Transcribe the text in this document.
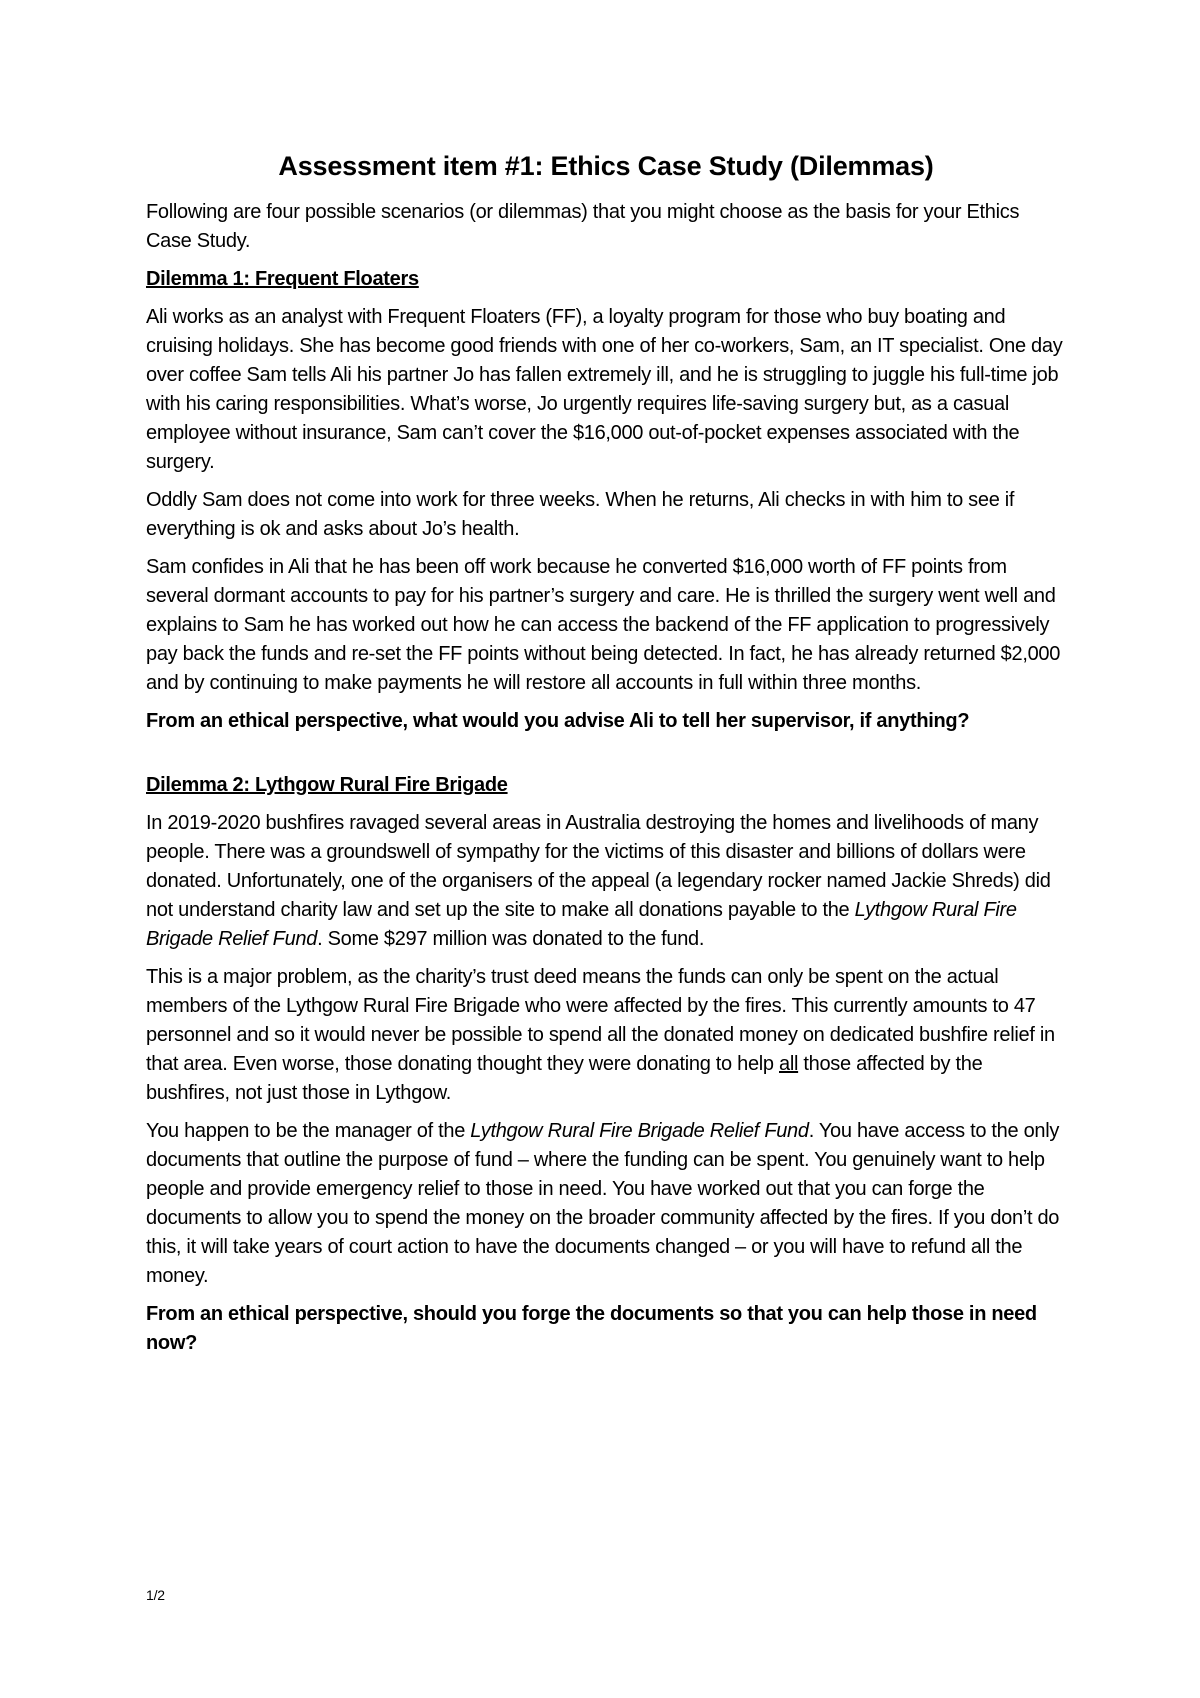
Assessment item #1: Ethics Case Study (Dilemmas)

Following are four possible scenarios (or dilemmas) that you might choose as the basis for your Ethics Case Study.

Dilemma 1: Frequent Floaters

Ali works as an analyst with Frequent Floaters (FF), a loyalty program for those who buy boating and cruising holidays. She has become good friends with one of her co-workers, Sam, an IT specialist. One day over coffee Sam tells Ali his partner Jo has fallen extremely ill, and he is struggling to juggle his full-time job with his caring responsibilities. What’s worse, Jo urgently requires life-saving surgery but, as a casual employee without insurance, Sam can’t cover the $16,000 out-of-pocket expenses associated with the surgery.

Oddly Sam does not come into work for three weeks. When he returns, Ali checks in with him to see if everything is ok and asks about Jo’s health.

Sam confides in Ali that he has been off work because he converted $16,000 worth of FF points from several dormant accounts to pay for his partner’s surgery and care. He is thrilled the surgery went well and explains to Sam he has worked out how he can access the backend of the FF application to progressively pay back the funds and re-set the FF points without being detected. In fact, he has already returned $2,000 and by continuing to make payments he will restore all accounts in full within three months.

From an ethical perspective, what would you advise Ali to tell her supervisor, if anything?

Dilemma 2: Lythgow Rural Fire Brigade

In 2019-2020 bushfires ravaged several areas in Australia destroying the homes and livelihoods of many people. There was a groundswell of sympathy for the victims of this disaster and billions of dollars were donated. Unfortunately, one of the organisers of the appeal (a legendary rocker named Jackie Shreds) did not understand charity law and set up the site to make all donations payable to the Lythgow Rural Fire Brigade Relief Fund. Some $297 million was donated to the fund.

This is a major problem, as the charity’s trust deed means the funds can only be spent on the actual members of the Lythgow Rural Fire Brigade who were affected by the fires. This currently amounts to 47 personnel and so it would never be possible to spend all the donated money on dedicated bushfire relief in that area. Even worse, those donating thought they were donating to help all those affected by the bushfires, not just those in Lythgow.

You happen to be the manager of the Lythgow Rural Fire Brigade Relief Fund. You have access to the only documents that outline the purpose of fund – where the funding can be spent. You genuinely want to help people and provide emergency relief to those in need. You have worked out that you can forge the documents to allow you to spend the money on the broader community affected by the fires. If you don’t do this, it will take years of court action to have the documents changed – or you will have to refund all the money.

From an ethical perspective, should you forge the documents so that you can help those in need now?

1/2
